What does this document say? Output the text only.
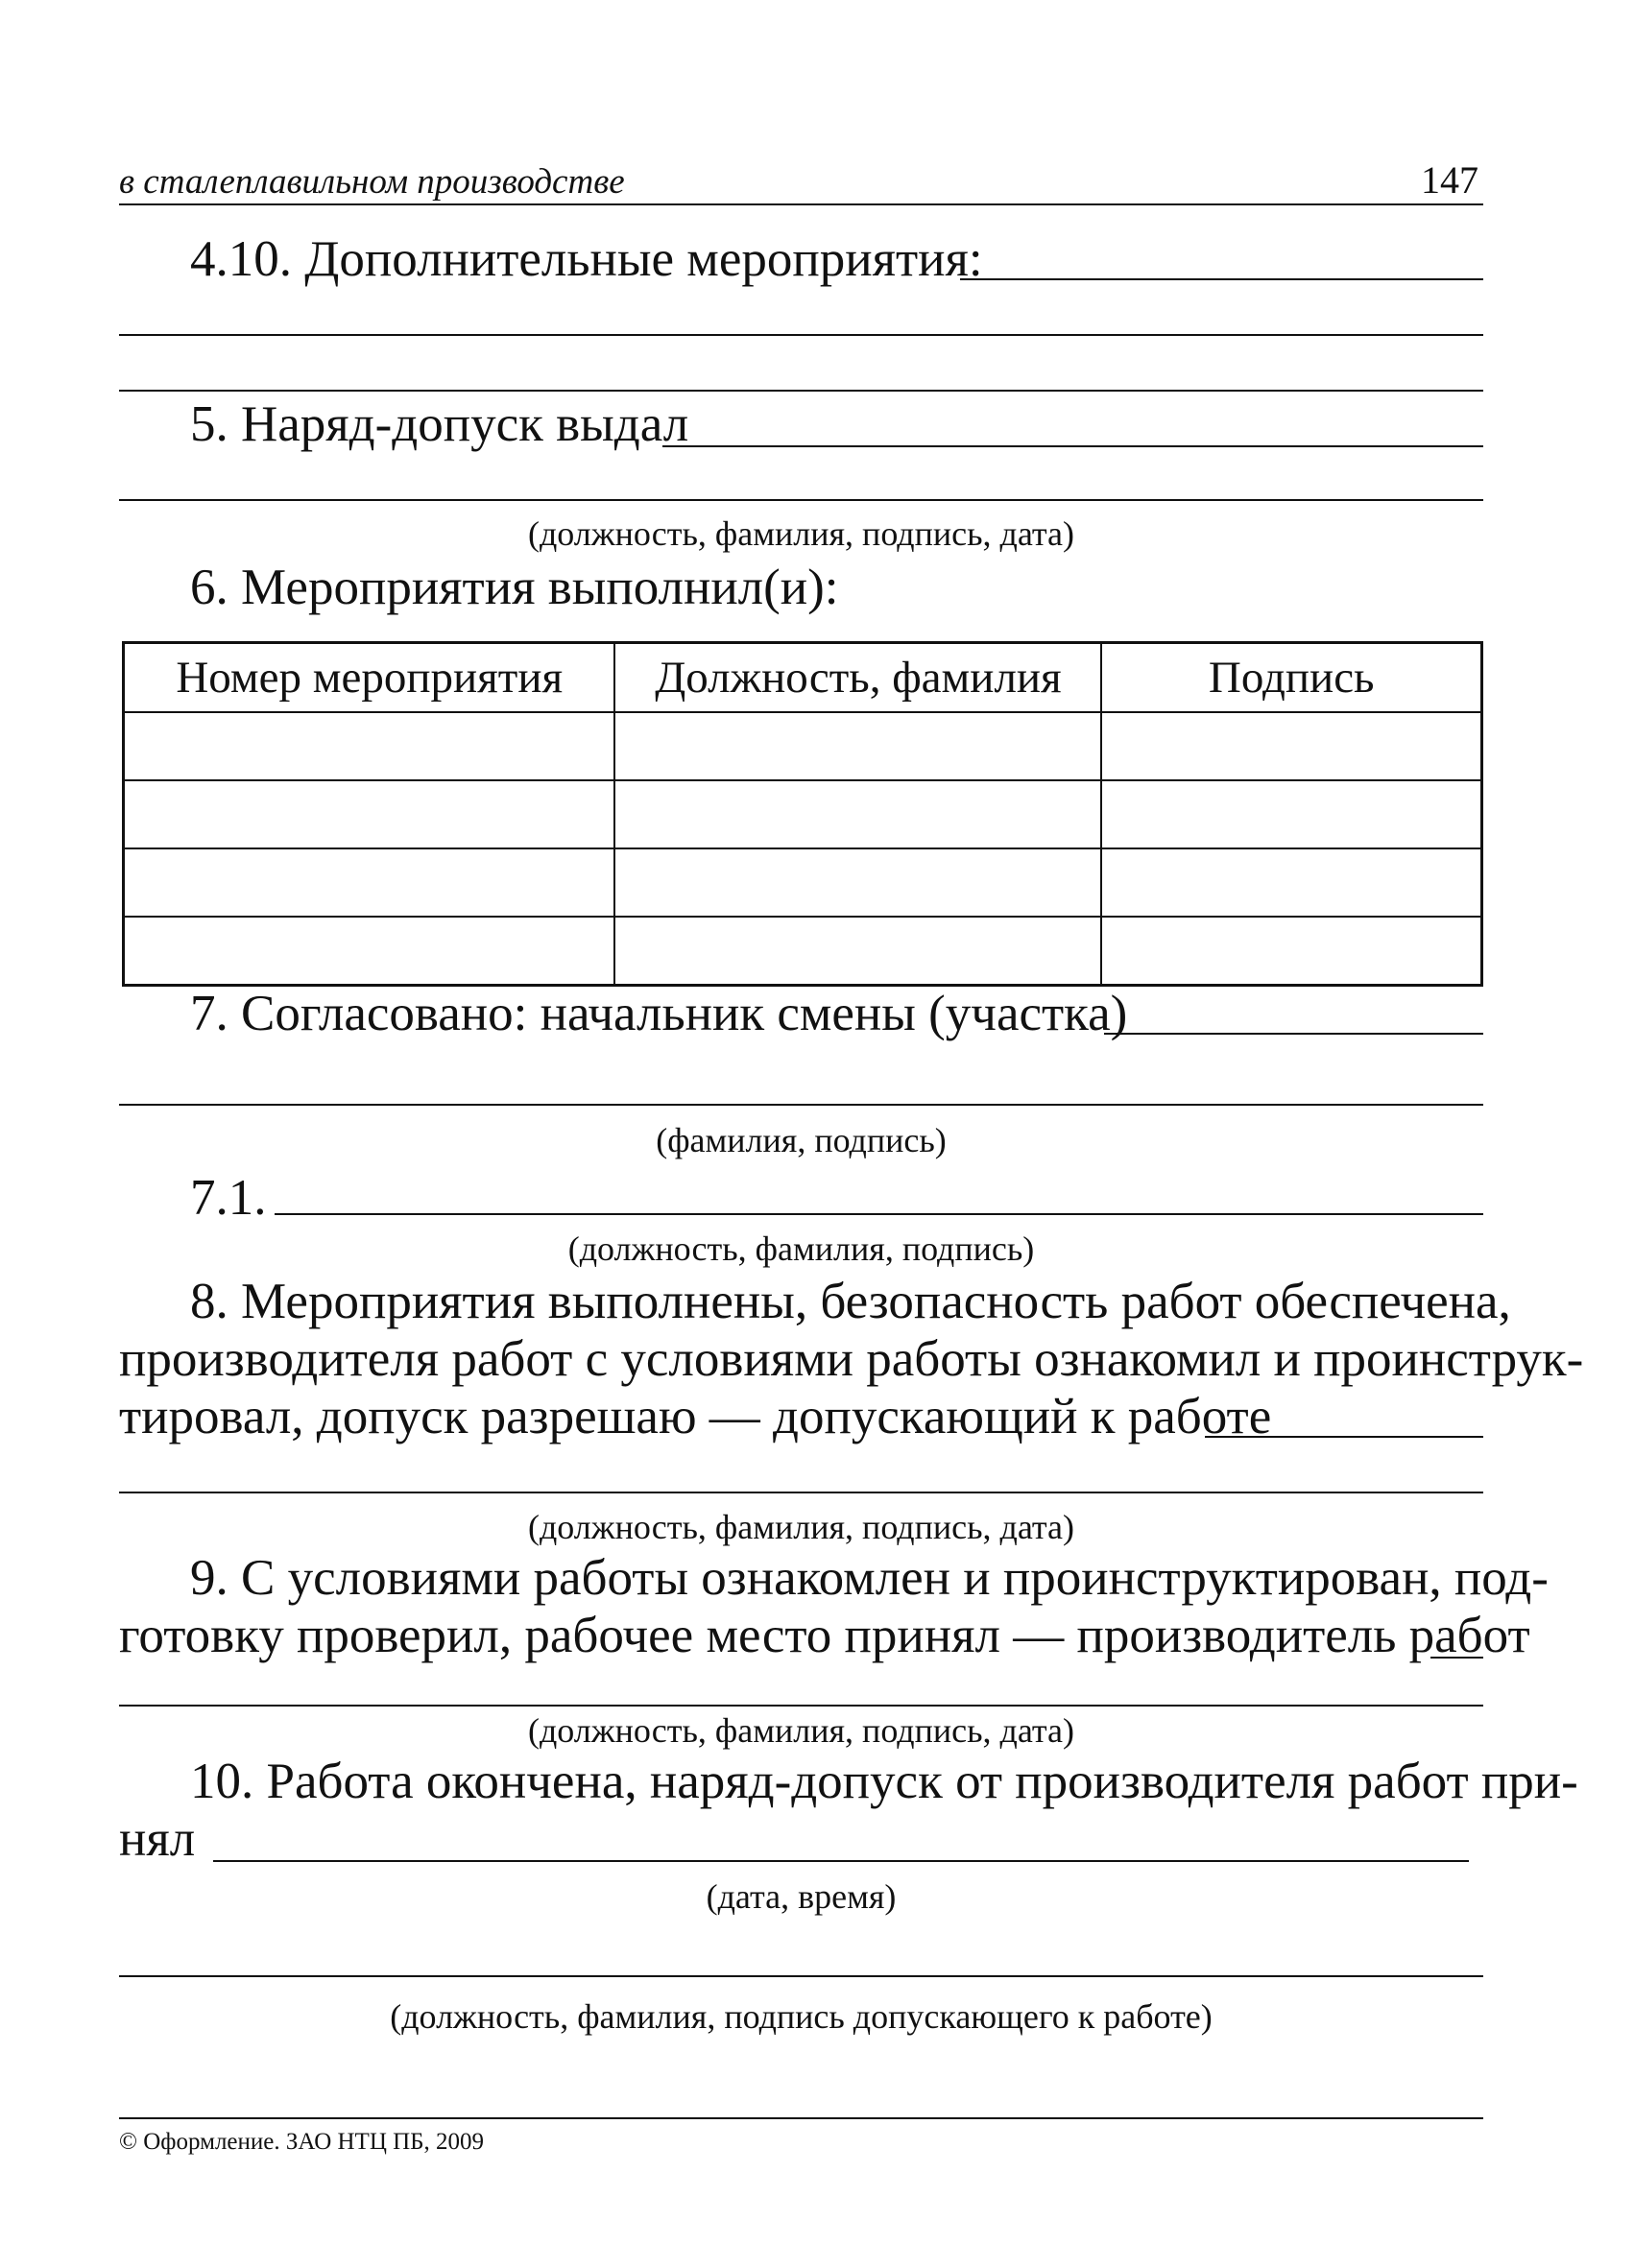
в сталеплавильном производстве	147
4.10. Дополнительные мероприятия:
5. Наряд-допуск выдал
(должность, фамилия, подпись, дата)
6. Мероприятия выполнил(и):
Номер мероприятия	Должность, фамилия	Подпись

7. Согласовано: начальник смены (участка)
(фамилия, подпись)
7.1.
(должность, фамилия, подпись)
8. Мероприятия выполнены, безопасность работ обеспечена,
производителя работ с условиями работы ознакомил и проинструк-
тировал, допуск разрешаю — допускающий к работе
(должность, фамилия, подпись, дата)
9. С условиями работы ознакомлен и проинструктирован, под-
готовку проверил, рабочее место принял — производитель работ
(должность, фамилия, подпись, дата)
10. Работа окончена, наряд-допуск от производителя работ при-
нял
(дата, время)
(должность, фамилия, подпись допускающего к работе)
© Оформление. ЗАО НТЦ ПБ, 2009
